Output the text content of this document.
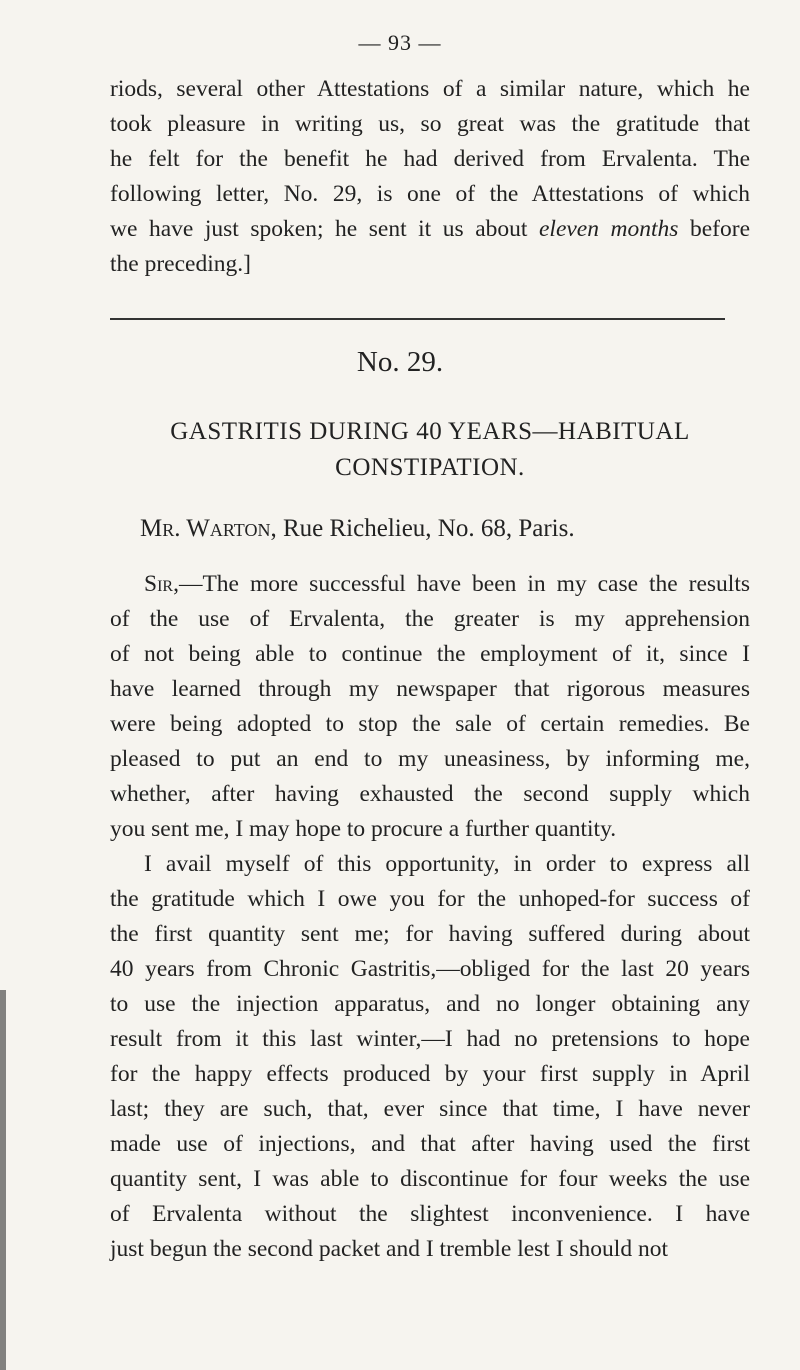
— 93 —
riods, several other Attestations of a similar nature, which he
took pleasure in writing us, so great was the gratitude that
he felt for the benefit he had derived from Ervalenta. The
following letter, No. 29, is one of the Attestations of which
we have just spoken; he sent it us about eleven months before
the preceding.]
No. 29.
GASTRITIS DURING 40 YEARS—HABITUAL
CONSTIPATION.
Mr. Warton, Rue Richelieu, No. 68, Paris.
Sir,—The more successful have been in my case the results
of the use of Ervalenta, the greater is my apprehension
of not being able to continue the employment of it, since I
have learned through my newspaper that rigorous measures
were being adopted to stop the sale of certain remedies. Be
pleased to put an end to my uneasiness, by informing me,
whether, after having exhausted the second supply which
you sent me, I may hope to procure a further quantity.
I avail myself of this opportunity, in order to express all
the gratitude which I owe you for the unhoped-for success of
the first quantity sent me; for having suffered during about
40 years from Chronic Gastritis,—obliged for the last 20 years
to use the injection apparatus, and no longer obtaining any
result from it this last winter,—I had no pretensions to hope
for the happy effects produced by your first supply in April
last; they are such, that, ever since that time, I have never
made use of injections, and that after having used the first
quantity sent, I was able to discontinue for four weeks the use
of Ervalenta without the slightest inconvenience. I have
just begun the second packet and I tremble lest I should not
